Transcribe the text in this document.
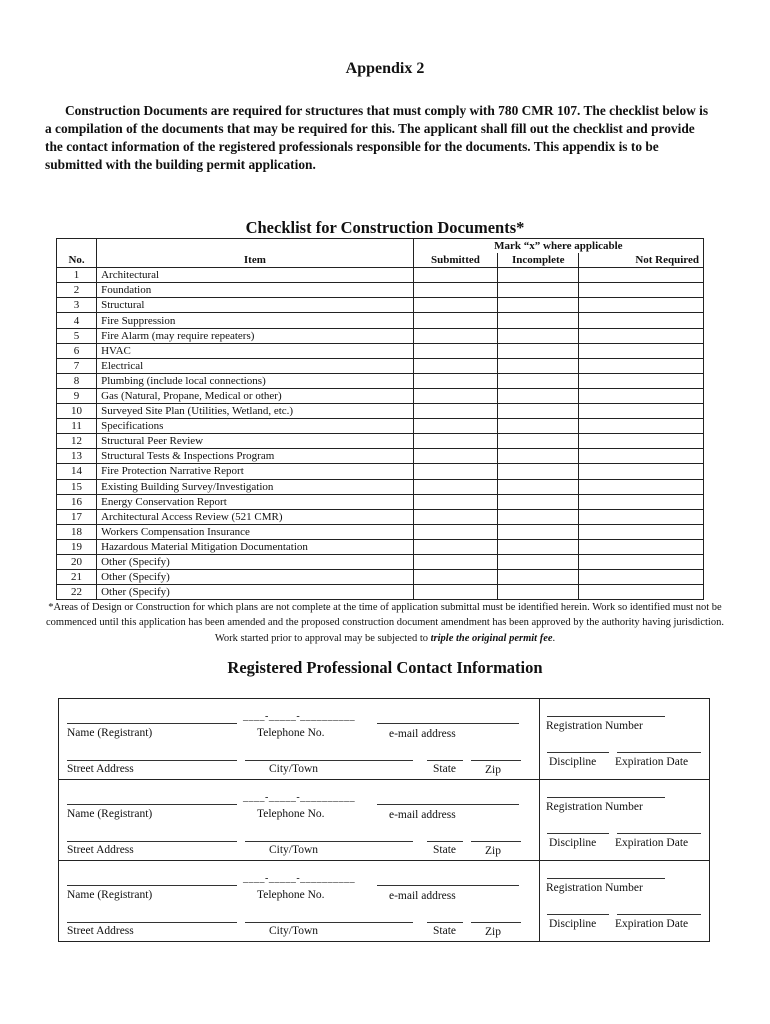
Appendix 2
Construction Documents are required for structures that must comply with 780 CMR 107. The checklist below is a compilation of the documents that may be required for this. The applicant shall fill out the checklist and provide the contact information of the registered professionals responsible for the documents. This appendix is to be submitted with the building permit application.
Checklist for Construction Documents*
		Mark “x” where applicable		
No.	Item	Submitted	Incomplete	Not Required
1	Architectural			
2	Foundation			
3	Structural			
4	Fire Suppression			
5	Fire Alarm (may require repeaters)			
6	HVAC			
7	Electrical			
8	Plumbing (include local connections)			
9	Gas (Natural, Propane, Medical or other)			
10	Surveyed Site Plan (Utilities, Wetland, etc.)			
11	Specifications			
12	Structural Peer Review			
13	Structural Tests & Inspections Program			
14	Fire Protection Narrative Report			
15	Existing Building Survey/Investigation			
16	Energy Conservation Report			
17	Architectural Access Review (521 CMR)			
18	Workers Compensation Insurance			
19	Hazardous Material Mitigation Documentation			
20	Other (Specify)			
21	Other (Specify)			
22	Other (Specify)			
*Areas of Design or Construction for which plans are not complete at the time of application submittal must be identified herein. Work so identified must not be commenced until this application has been amended and the proposed construction document amendment has been approved by the authority having jurisdiction. Work started prior to approval may be subjected to triple the original permit fee.
Registered Professional Contact Information
____-_____-__________
Name (Registrant)	Telephone No.	e-mail address
Street Address	City/Town	State	Zip
Registration Number
Discipline Expiration Date
____-_____-__________
Name (Registrant)	Telephone No.	e-mail address
Street Address	City/Town	State	Zip
Registration Number
Discipline Expiration Date
____-_____-__________
Name (Registrant)	Telephone No.	e-mail address
Street Address	City/Town	State	Zip
Registration Number
Discipline Expiration Date
